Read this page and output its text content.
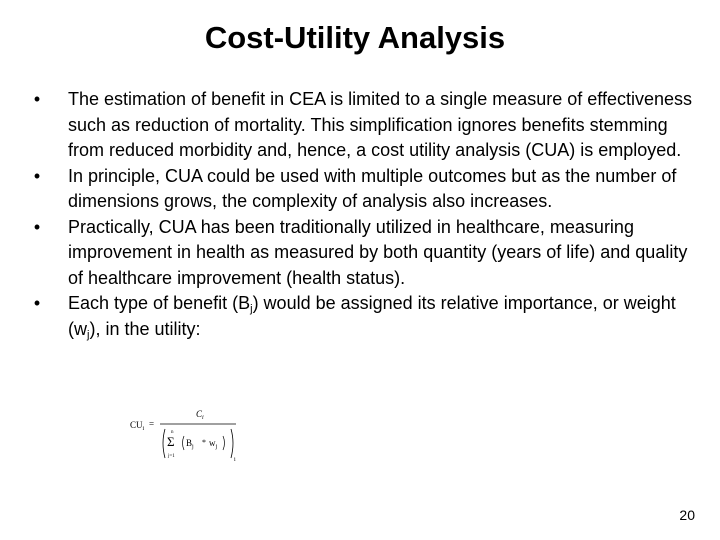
Cost-Utility Analysis
• The estimation of benefit in CEA is limited to a single measure of effectiveness such as reduction of mortality. This simplification ignores benefits stemming from reduced morbidity and, hence, a cost utility analysis (CUA) is employed.
• In principle, CUA could be used with multiple outcomes but as the number of dimensions grows, the complexity of analysis also increases.
• Practically, CUA has been traditionally utilized in healthcare, measuring improvement in health as measured by both quantity (years of life) and quality of healthcare improvement (health status).
• Each type of benefit $(B_j)$ would be assigned its relative importance, or weight $(w_j)$, in the utility:
$CU_i$ =
$C_i$
n
Σ
j=1
$B_j * w_j$
i
20
